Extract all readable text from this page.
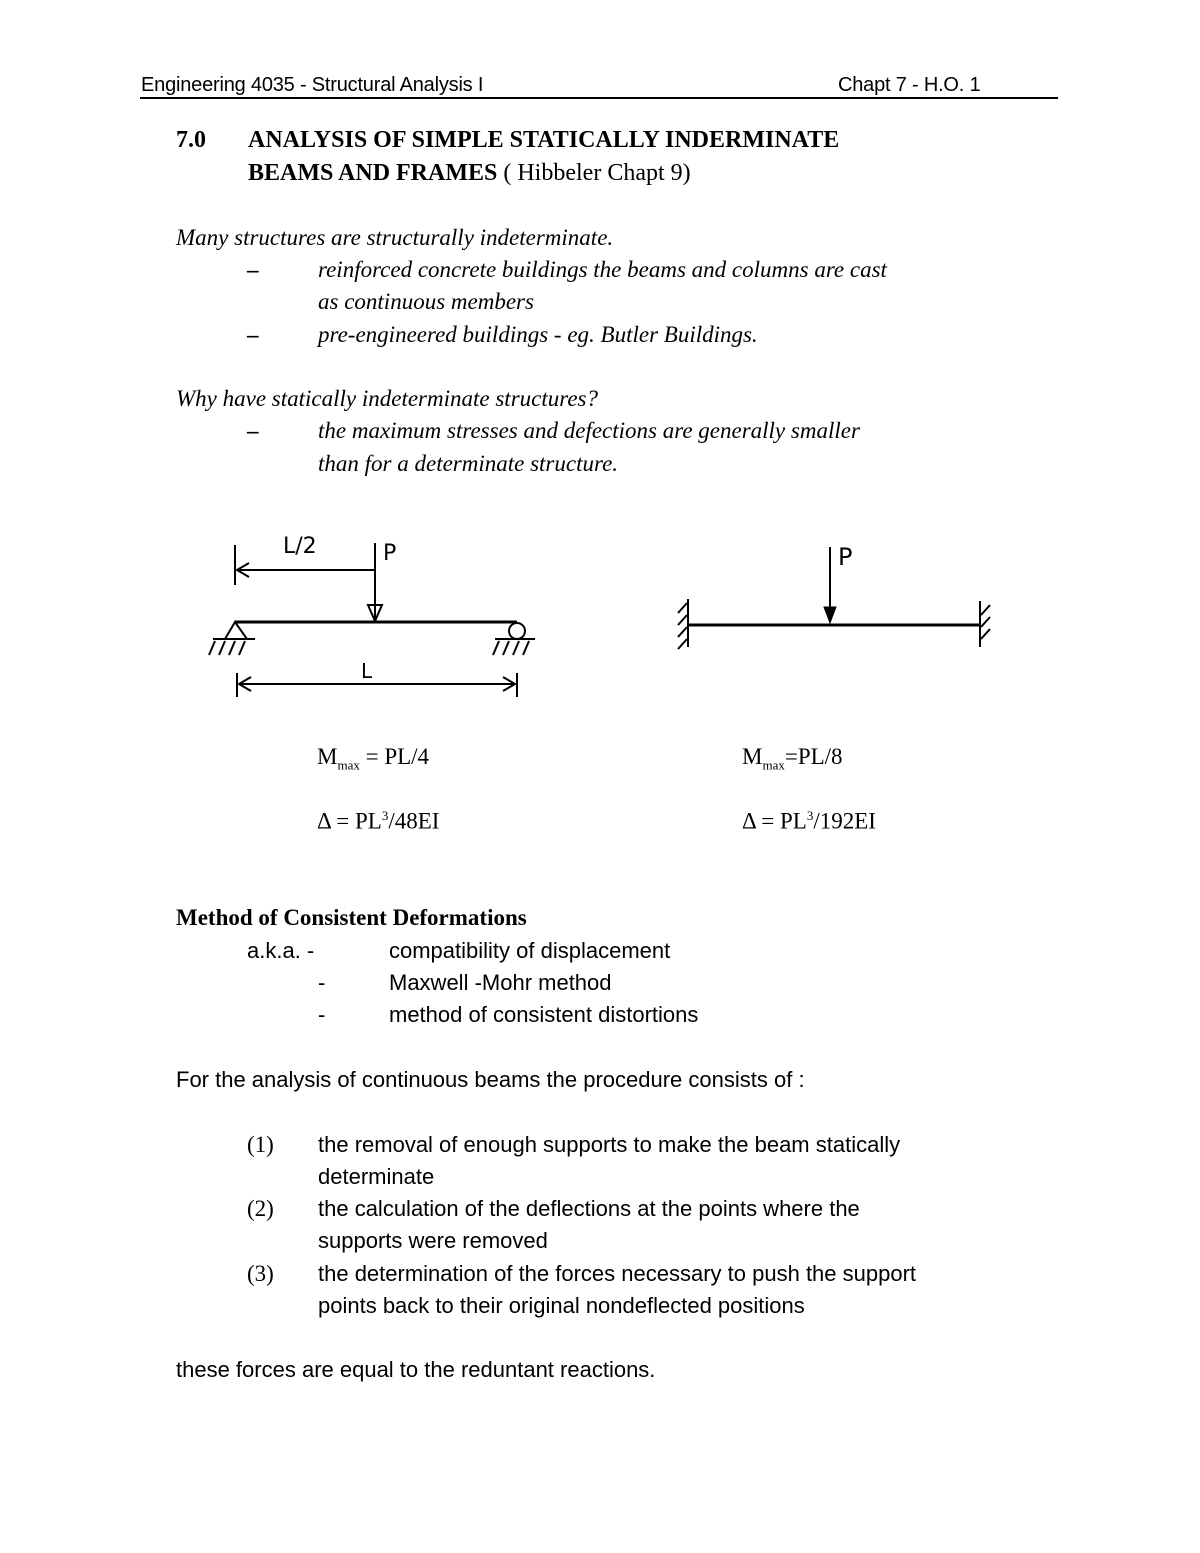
Engineering 4035 - Structural Analysis I	Chapt 7 - H.O. 1
7.0 ANALYSIS OF SIMPLE STATICALLY INDERMINATE
BEAMS AND FRAMES ( Hibbeler Chapt 9)
Many structures are structurally indeterminate.
–	reinforced concrete buildings the beams and columns are cast
as continuous members
–	pre-engineered buildings - eg. Butler Buildings.
Why have statically indeterminate structures?
–	the maximum stresses and defections are generally smaller
than for a determinate structure.
L/2	P
L
P
$M_{max} = PL/4$
$\Delta = PL^3/48EI$
$M_{max}=PL/8$
$\Delta = PL^3/192EI$
Method of Consistent Deformations
a.k.a. -	compatibility of displacement
-	Maxwell -Mohr method
-	method of consistent distortions
For the analysis of continuous beams the procedure consists of :
(1) the removal of enough supports to make the beam statically
determinate
(2) the calculation of the deflections at the points where the
supports were removed
(3) the determination of the forces necessary to push the support
points back to their original nondeflected positions
these forces are equal to the reduntant reactions.
